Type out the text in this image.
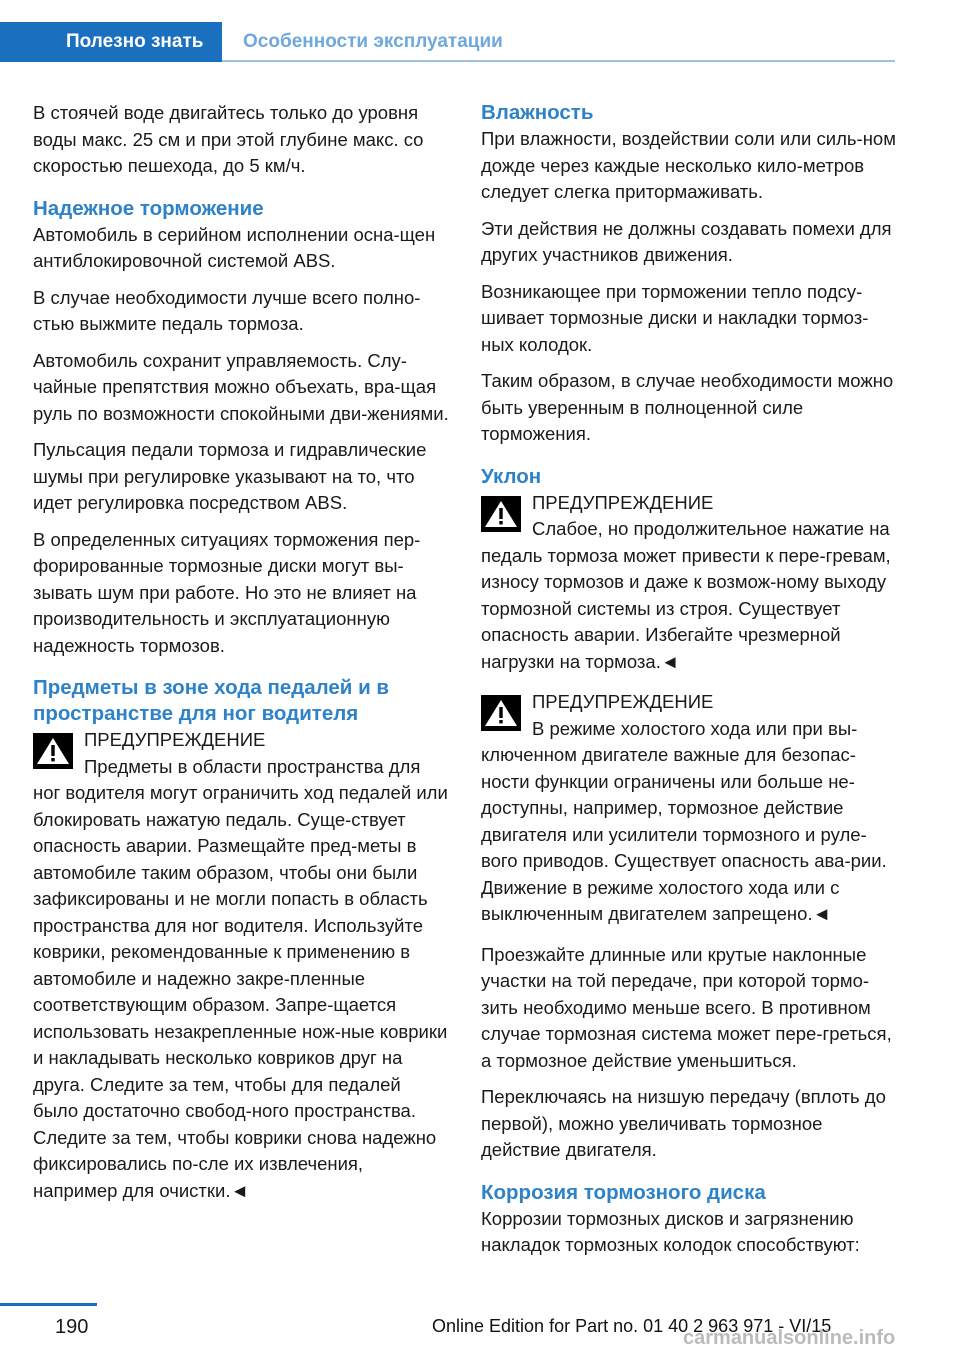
Полезно знать	Особенности эксплуатации

В стоячей воде двигайтесь только до уровня воды макс. 25 см и при этой глубине макс. со скоростью пешехода, до 5 км/ч.

Надежное торможение

Автомобиль в серийном исполнении осна‐щен антиблокировочной системой ABS.

В случае необходимости лучше всего полно‐стью выжмите педаль тормоза.

Автомобиль сохранит управляемость. Слу‐чайные препятствия можно объехать, вра‐щая руль по возможности спокойными дви‐жениями.

Пульсация педали тормоза и гидравлические шумы при регулировке указывают на то, что идет регулировка посредством ABS.

В определенных ситуациях торможения пер‐форированные тормозные диски могут вы‐зывать шум при работе. Но это не влияет на производительность и эксплуатационную надежность тормозов.

Предметы в зоне хода педалей и в пространстве для ног водителя

ПРЕДУПРЕЖДЕНИЕ

Предметы в области пространства для ног водителя могут ограничить ход педалей или блокировать нажатую педаль. Суще‐ствует опасность аварии. Размещайте пред‐меты в автомобиле таким образом, чтобы они были зафиксированы и не могли попасть в область пространства для ног водителя. Используйте коврики, рекомендованные к применению в автомобиле и надежно закре‐пленные соответствующим образом. Запре‐щается использовать незакрепленные нож‐ные коврики и накладывать несколько ковриков друг на друга. Следите за тем, чтобы для педалей было достаточно свобод‐ного пространства. Следите за тем, чтобы коврики снова надежно фиксировались по‐сле их извлечения, например для очистки.◄

Влажность

При влажности, воздействии соли или силь‐ном дожде через каждые несколько кило‐метров следует слегка притормаживать.

Эти действия не должны создавать помехи для других участников движения.

Возникающее при торможении тепло подсу‐шивает тормозные диски и накладки тормоз‐ных колодок.

Таким образом, в случае необходимости можно быть уверенным в полноценной силе торможения.

Уклон

ПРЕДУПРЕЖДЕНИЕ

Слабое, но продолжительное нажатие на педаль тормоза может привести к пере‐гревам, износу тормозов и даже к возмож‐ному выходу тормозной системы из строя. Существует опасность аварии. Избегайте чрезмерной нагрузки на тормоза.◄

ПРЕДУПРЕЖДЕНИЕ

В режиме холостого хода или при вы‐ключенном двигателе важные для безопас‐ности функции ограничены или больше не‐доступны, например, тормозное действие двигателя или усилители тормозного и руле‐вого приводов. Существует опасность ава‐рии. Движение в режиме холостого хода или с выключенным двигателем запрещено.◄

Проезжайте длинные или крутые наклонные участки на той передаче, при которой тормо‐зить необходимо меньше всего. В противном случае тормозная система может пере‐греться, а тормозное действие уменьшиться.

Переключаясь на низшую передачу (вплоть до первой), можно увеличивать тормозное действие двигателя.

Коррозия тормозного диска

Коррозии тормозных дисков и загрязнению накладок тормозных колодок способствуют:

190	Online Edition for Part no. 01 40 2 963 971 - VI/15
carmanualsonline.info
